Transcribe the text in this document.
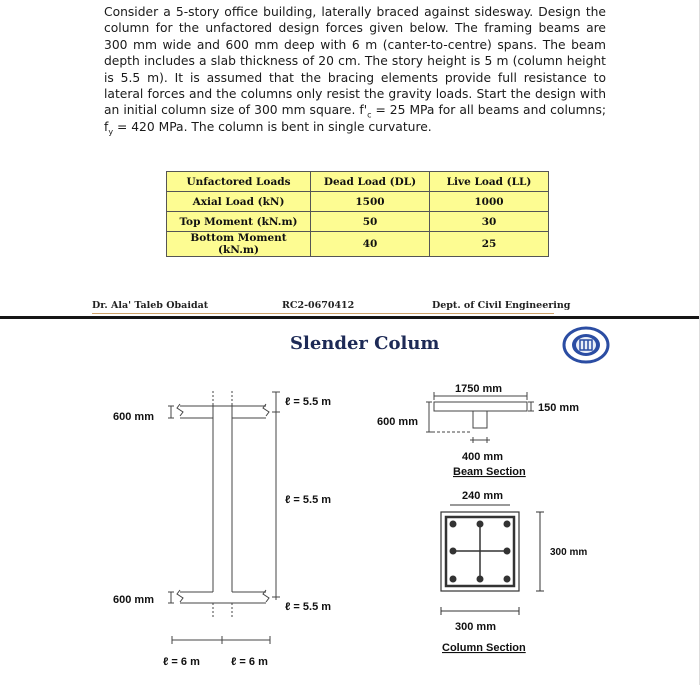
Consider a 5-story office building, laterally braced against sidesway. Design the column for the unfactored design forces given below. The framing beams are 300 mm wide and 600 mm deep with 6 m (canter-to-centre) spans. The beam depth includes a slab thickness of 20 cm. The story height is 5 m (column height is 5.5 m). It is assumed that the bracing elements provide full resistance to lateral forces and the columns only resist the gravity loads. Start the design with an initial column size of 300 mm square. $f'_c = 25$ MPa for all beams and columns; $f_y = 420$ MPa. The column is bent in single curvature.

Unfactored Loads	Dead Load (DL)	Live Load (LL)
Axial Load (kN)	1500	1000
Top Moment (kN.m)	50	30
Bottom Moment (kN.m)	40	25
Dr. Ala' Taleb Obaidat	RC2-0670412	Dept. of Civil Engineering
Slender Colum
600 mm
600 mm
ℓ = 5.5 m
ℓ = 5.5 m
ℓ = 5.5 m
ℓ = 6 m	ℓ = 6 m
1750 mm
150 mm
600 mm
400 mm
Beam Section
240 mm
300 mm
300 mm
Column Section
